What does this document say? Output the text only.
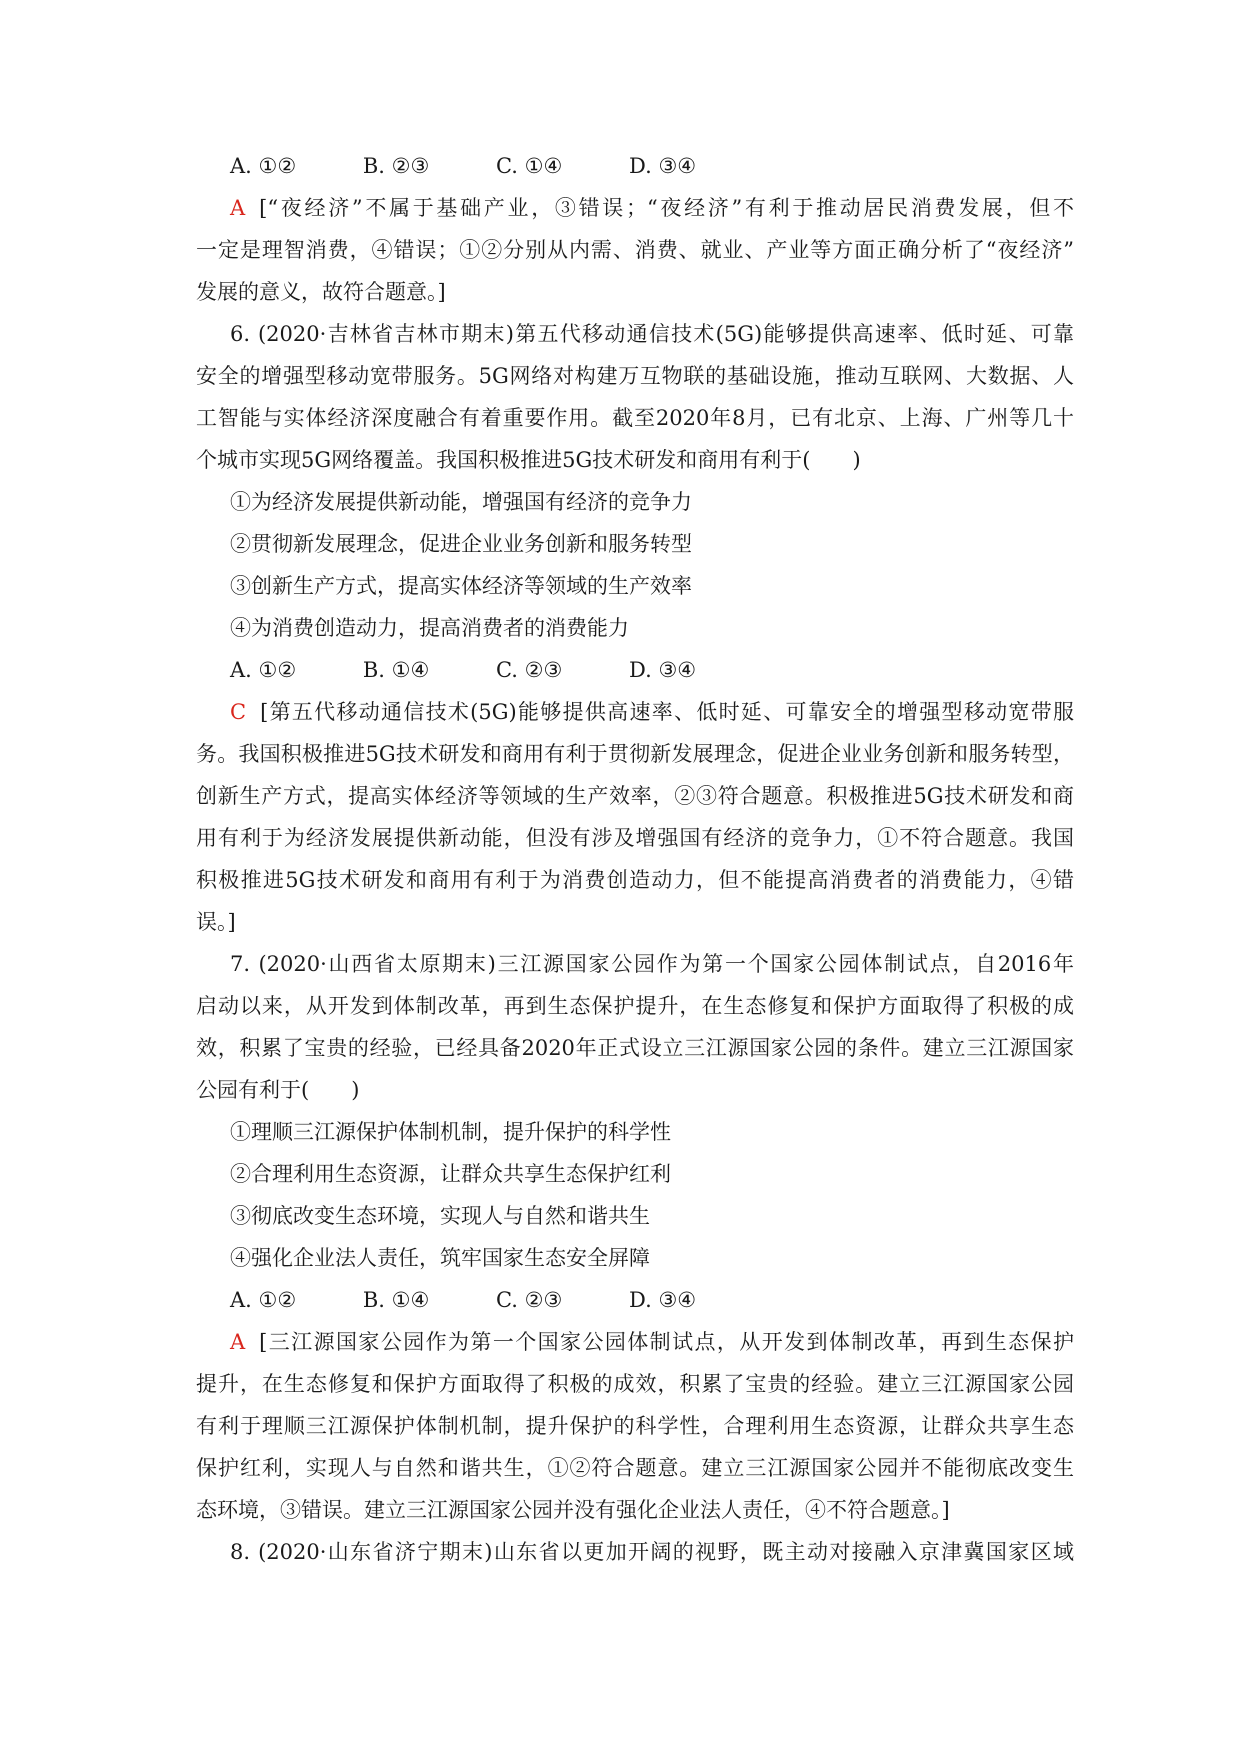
A. ①②	B. ②③	C. ①④	D. ③④
A [“夜经济”不属于基础产业，③错误；“夜经济”有利于推动居民消费发展，但不
一定是理智消费，④错误；①②分别从内需、消费、就业、产业等方面正确分析了“夜经济”
发展的意义，故符合题意。]
6. (2020·吉林省吉林市期末)第五代移动通信技术(5G)能够提供高速率、低时延、可靠
安全的增强型移动宽带服务。5G网络对构建万互物联的基础设施，推动互联网、大数据、人
工智能与实体经济深度融合有着重要作用。截至2020年8月，已有北京、上海、广州等几十
个城市实现5G网络覆盖。我国积极推进5G技术研发和商用有利于(　　)
①为经济发展提供新动能，增强国有经济的竞争力
②贯彻新发展理念，促进企业业务创新和服务转型
③创新生产方式，提高实体经济等领域的生产效率
④为消费创造动力，提高消费者的消费能力
A. ①②	B. ①④	C. ②③	D. ③④
C [第五代移动通信技术(5G)能够提供高速率、低时延、可靠安全的增强型移动宽带服
务。我国积极推进5G技术研发和商用有利于贯彻新发展理念，促进企业业务创新和服务转型，
创新生产方式，提高实体经济等领域的生产效率，②③符合题意。积极推进5G技术研发和商
用有利于为经济发展提供新动能，但没有涉及增强国有经济的竞争力，①不符合题意。我国
积极推进5G技术研发和商用有利于为消费创造动力，但不能提高消费者的消费能力，④错
误。]
7. (2020·山西省太原期末)三江源国家公园作为第一个国家公园体制试点，自2016年
启动以来，从开发到体制改革，再到生态保护提升，在生态修复和保护方面取得了积极的成
效，积累了宝贵的经验，已经具备2020年正式设立三江源国家公园的条件。建立三江源国家
公园有利于(　　)
①理顺三江源保护体制机制，提升保护的科学性
②合理利用生态资源，让群众共享生态保护红利
③彻底改变生态环境，实现人与自然和谐共生
④强化企业法人责任，筑牢国家生态安全屏障
A. ①②	B. ①④	C. ②③	D. ③④
A [三江源国家公园作为第一个国家公园体制试点，从开发到体制改革，再到生态保护
提升，在生态修复和保护方面取得了积极的成效，积累了宝贵的经验。建立三江源国家公园
有利于理顺三江源保护体制机制，提升保护的科学性，合理利用生态资源，让群众共享生态
保护红利，实现人与自然和谐共生，①②符合题意。建立三江源国家公园并不能彻底改变生
态环境，③错误。建立三江源国家公园并没有强化企业法人责任，④不符合题意。]
8. (2020·山东省济宁期末)山东省以更加开阔的视野，既主动对接融入京津冀国家区域
